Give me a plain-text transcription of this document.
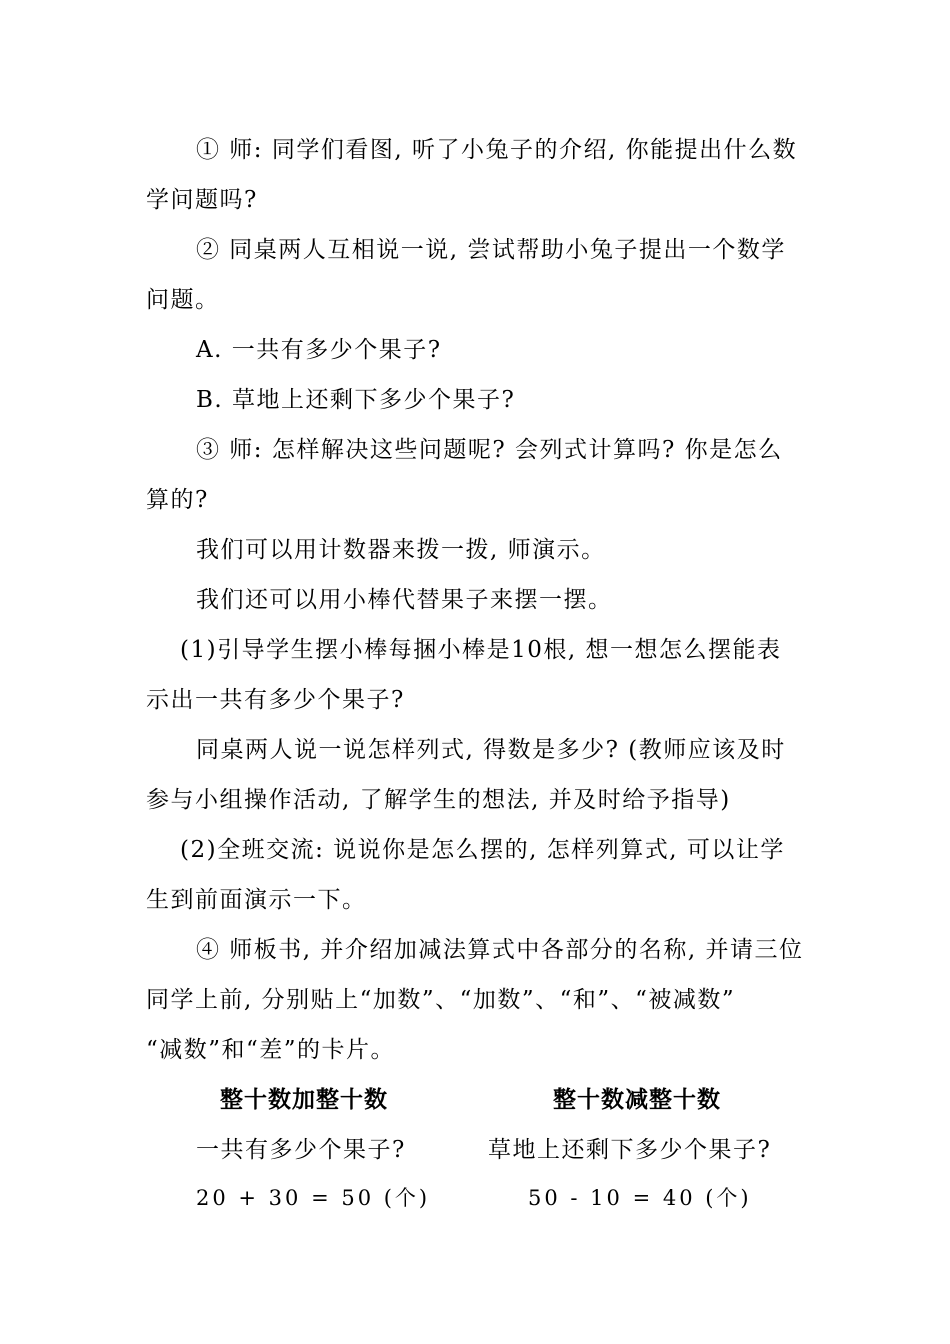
① 师: 同学们看图, 听了小兔子的介绍, 你能提出什么数
学问题吗?
② 同桌两人互相说一说, 尝试帮助小兔子提出一个数学
问题。
A. 一共有多少个果子?
B. 草地上还剩下多少个果子?
③ 师: 怎样解决这些问题呢? 会列式计算吗? 你是怎么
算的?
我们可以用计数器来拨一拨, 师演示。
我们还可以用小棒代替果子来摆一摆。
(1)引导学生摆小棒每捆小棒是10根, 想一想怎么摆能表
示出一共有多少个果子?
同桌两人说一说怎样列式, 得数是多少? (教师应该及时
参与小组操作活动, 了解学生的想法, 并及时给予指导)
(2)全班交流: 说说你是怎么摆的, 怎样列算式, 可以让学
生到前面演示一下。
④ 师板书, 并介绍加减法算式中各部分的名称, 并请三位
同学上前, 分别贴上“加数”、“加数”、“和”、“被减数”
“减数”和“差”的卡片。
整十数加整十数	整十数减整十数
一共有多少个果子?	草地上还剩下多少个果子?
20 + 30 = 50 (个)	50 - 10 = 40 (个)
